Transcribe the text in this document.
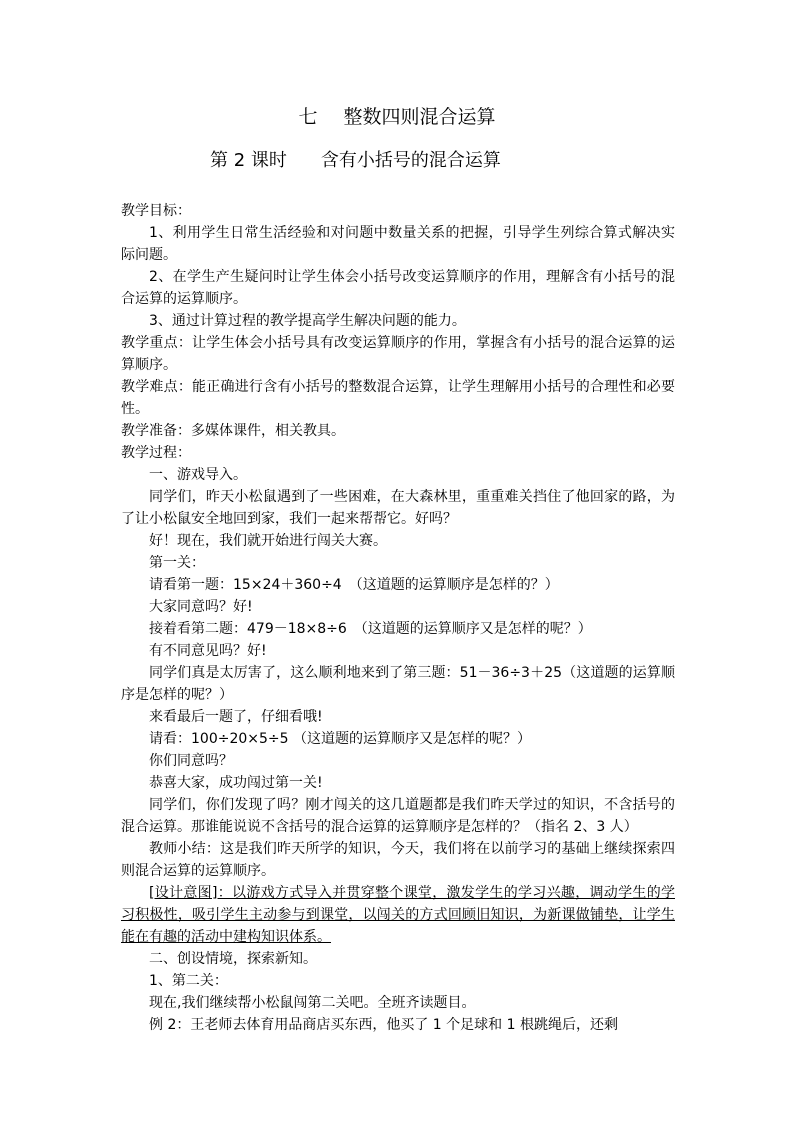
七 整数四则混合运算
第 2 课时 含有小括号的混合运算

教学目标：

1、利用学生日常生活经验和对问题中数量关系的把握，引导学生列综合算式解决实际问题。

2、在学生产生疑问时让学生体会小括号改变运算顺序的作用，理解含有小括号的混合运算的运算顺序。

3、通过计算过程的教学提高学生解决问题的能力。

教学重点：让学生体会小括号具有改变运算顺序的作用，掌握含有小括号的混合运算的运算顺序。

教学难点：能正确进行含有小括号的整数混合运算，让学生理解用小括号的合理性和必要性。

教学准备：多媒体课件，相关教具。

教学过程：

一、游戏导入。

同学们，昨天小松鼠遇到了一些困难，在大森林里，重重难关挡住了他回家的路，为了让小松鼠安全地回到家，我们一起来帮帮它。好吗？

好！现在，我们就开始进行闯关大赛。

第一关：

请看第一题：15×24＋360÷4　（这道题的运算顺序是怎样的？）

大家同意吗？好!

接着看第二题：479－18×8÷6　（这道题的运算顺序又是怎样的呢？）

有不同意见吗？好!

同学们真是太厉害了，这么顺利地来到了第三题：51－36÷3＋25（这道题的运算顺序是怎样的呢？）

来看最后一题了，仔细看哦!

请看：100÷20×5÷5 （这道题的运算顺序又是怎样的呢？）

你们同意吗？

恭喜大家，成功闯过第一关!

同学们，你们发现了吗？刚才闯关的这几道题都是我们昨天学过的知识，不含括号的混合运算。那谁能说说不含括号的混合运算的运算顺序是怎样的？（指名 2、3 人）

教师小结：这是我们昨天所学的知识，今天，我们将在以前学习的基础上继续探索四则混合运算的运算顺序。

[设计意图]：以游戏方式导入并贯穿整个课堂，激发学生的学习兴趣，调动学生的学习积极性，吸引学生主动参与到课堂，以闯关的方式回顾旧知识，为新课做铺垫，让学生能在有趣的活动中建构知识体系。

二、创设情境，探索新知。

1、第二关：

现在,我们继续帮小松鼠闯第二关吧。全班齐读题目。

例 2：王老师去体育用品商店买东西，他买了 1 个足球和 1 根跳绳后，还剩
